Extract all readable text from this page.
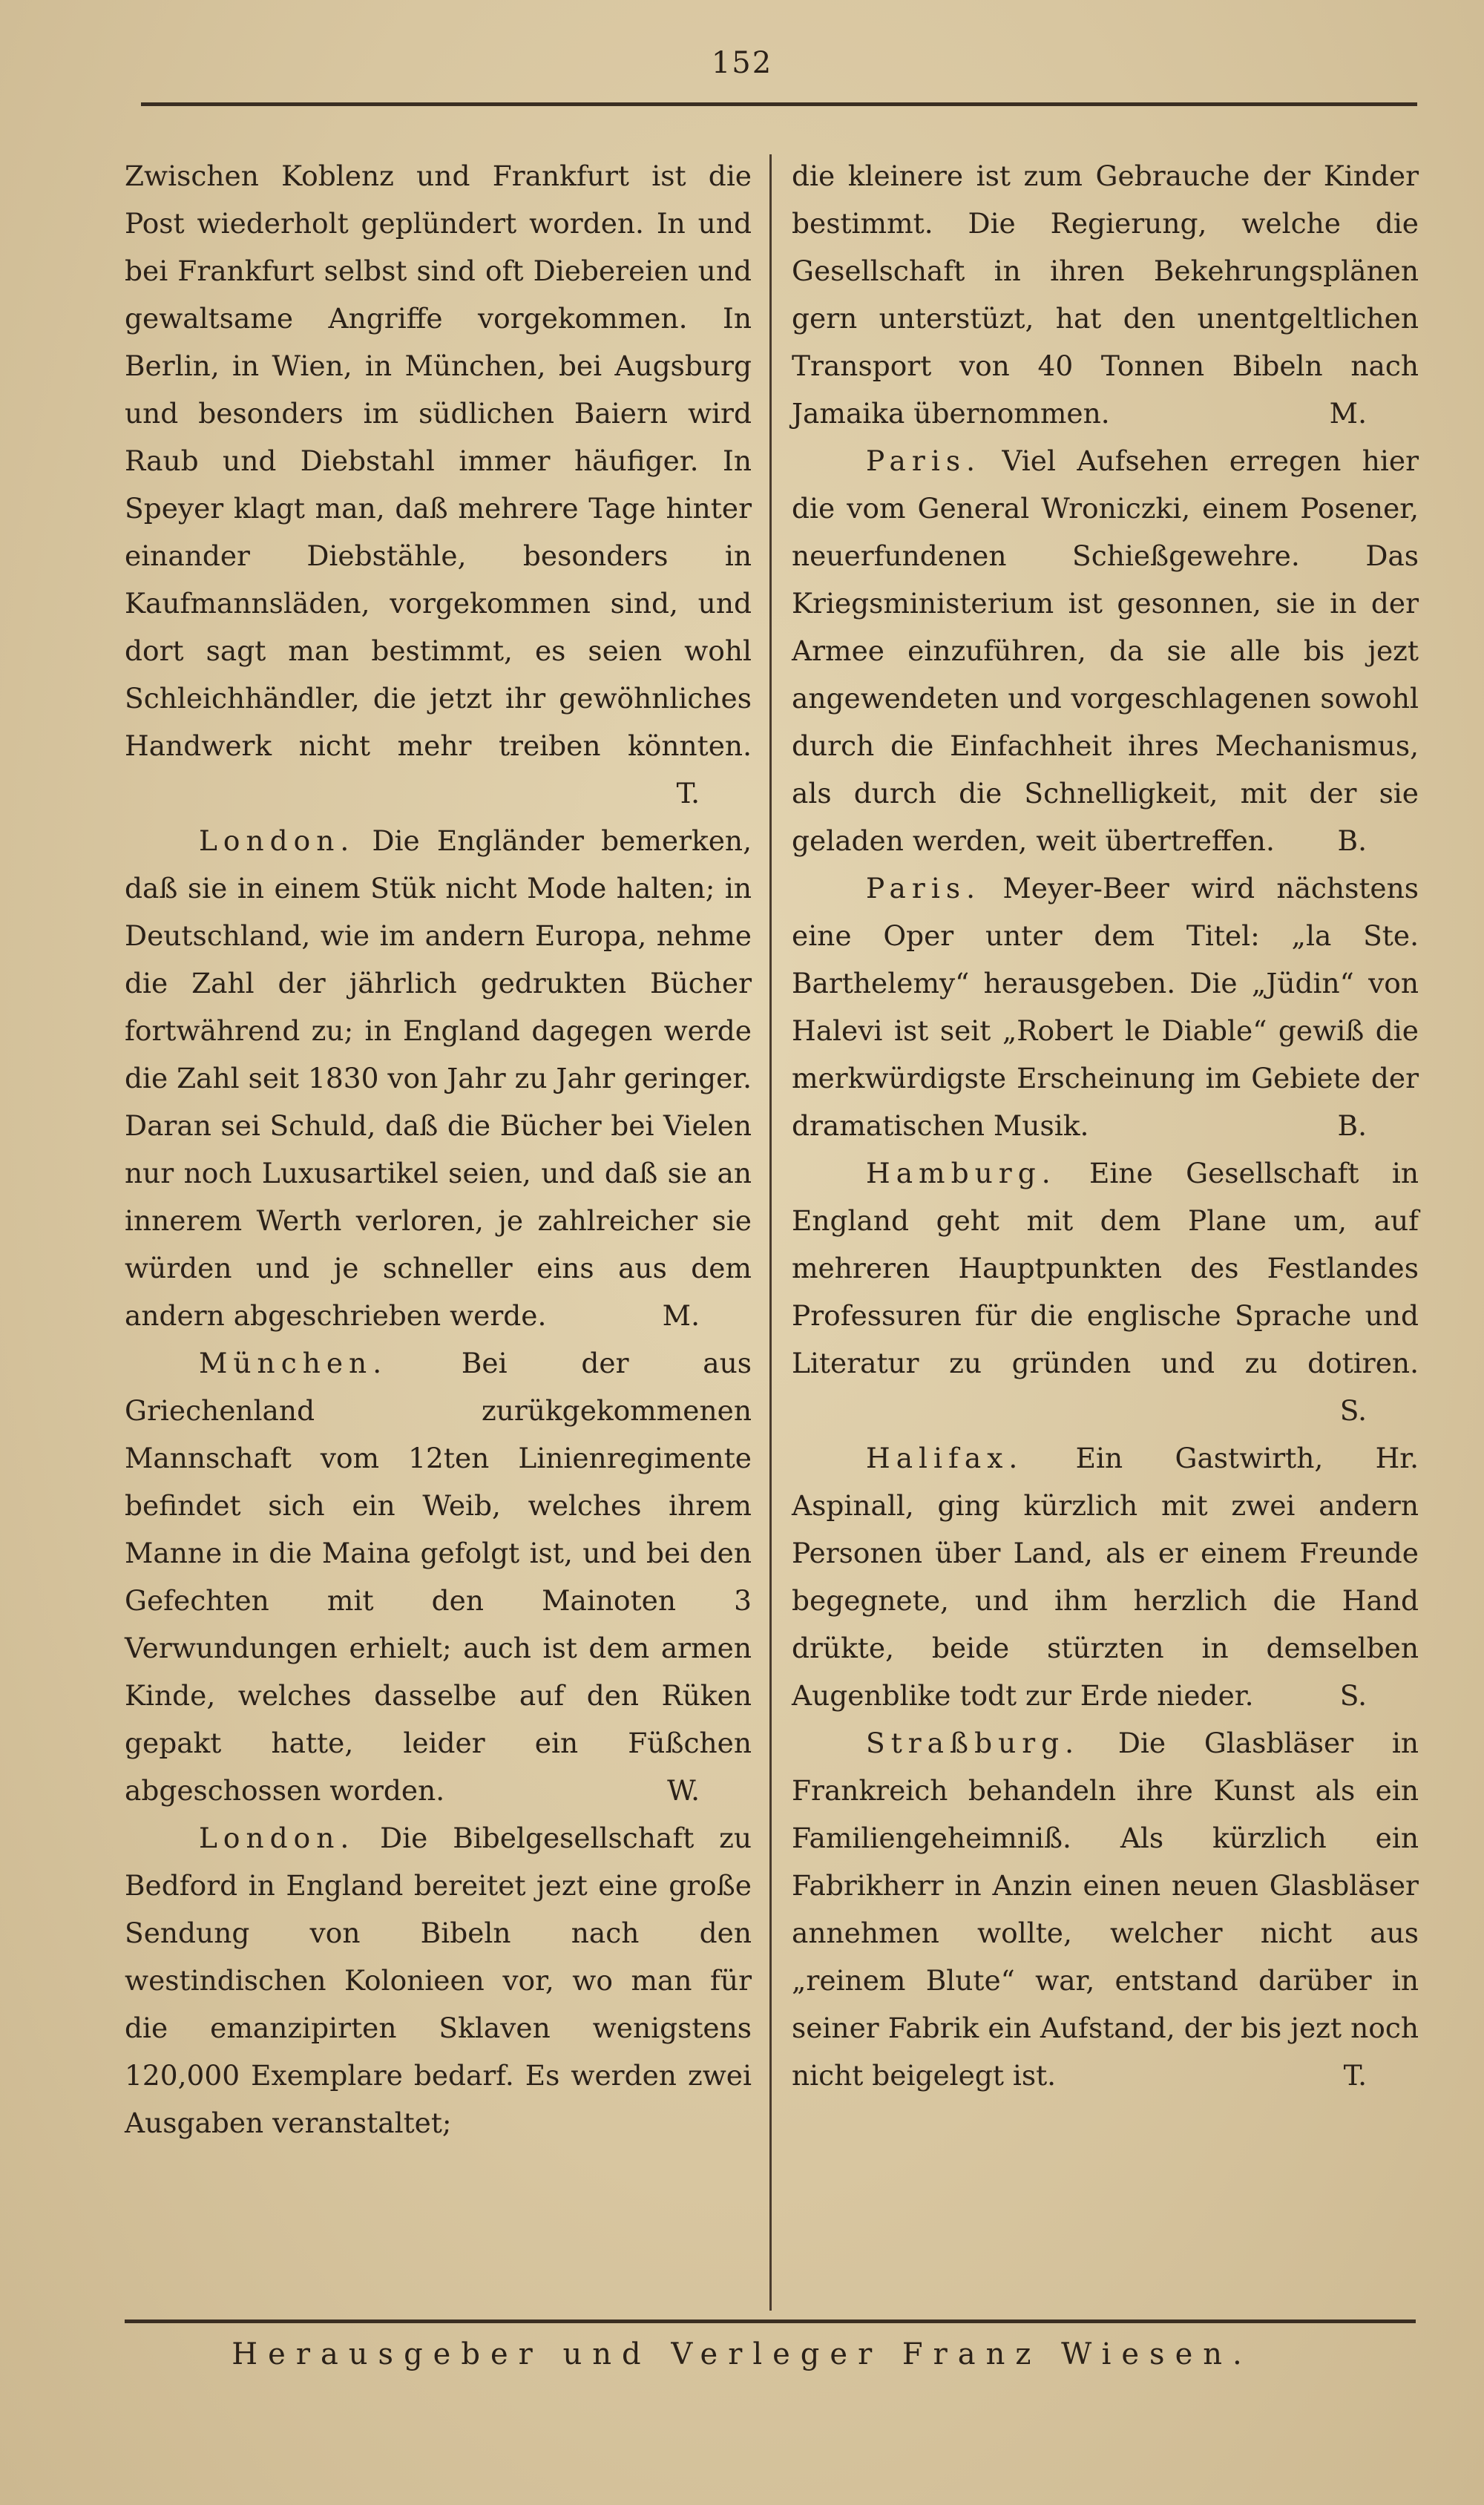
152

Zwischen Koblenz und Frankfurt ist die Post wiederholt geplündert worden. In und bei Frankfurt selbst sind oft Diebereien und gewaltsame Angriffe vorgekommen. In Berlin, in Wien, in München, bei Augsburg und besonders im südlichen Baiern wird Raub und Diebstahl immer häufiger. In Speyer klagt man, daß mehrere Tage hinter einander Diebstähle, besonders in Kaufmannsläden, vorgekommen sind, und dort sagt man bestimmt, es seien wohl Schleichhändler, die jetzt ihr gewöhnliches Handwerk nicht mehr treiben könnten.

T.

London. Die Engländer bemerken, daß sie in einem Stük nicht Mode halten; in Deutschland, wie im andern Europa, nehme die Zahl der jährlich gedrukten Bücher fortwährend zu; in England dagegen werde die Zahl seit 1830 von Jahr zu Jahr geringer. Daran sei Schuld, daß die Bücher bei Vielen nur noch Luxusartikel seien, und daß sie an innerem Werth verloren, je zahlreicher sie würden und je schneller eins aus dem andern abgeschrieben werde.	M.

München.	Bei der aus Griechenland zurükgekommenen Mannschaft vom 12ten Linienregimente befindet sich ein Weib, welches ihrem Manne in die Maina gefolgt ist, und bei den Gefechten mit den Mainoten 3 Verwundungen erhielt; auch ist dem armen Kinde, welches dasselbe auf den Rüken gepakt hatte, leider ein Füßchen abgeschossen worden.	W.

London. Die Bibelgesellschaft zu Bedford in England bereitet jezt eine große Sendung von Bibeln nach den westindischen Kolonieen vor, wo man für die emanzipirten Sklaven wenigstens 120,000 Exemplare bedarf. Es werden zwei Ausgaben veranstaltet;

die kleinere ist zum Gebrauche der Kinder bestimmt. Die Regierung, welche die Gesellschaft in ihren Bekehrungsplänen gern unterstüzt, hat den unentgeltlichen Transport von 40 Tonnen Bibeln nach Jamaika übernommen.	M.

Paris. Viel Aufsehen erregen hier die vom General Wroniczki, einem Posener, neuerfundenen Schießgewehre. Das Kriegsministerium ist gesonnen, sie in der Armee einzuführen, da sie alle bis jezt angewendeten und vorgeschlagenen sowohl durch die Einfachheit ihres Mechanismus, als durch die Schnelligkeit, mit der sie geladen werden, weit übertreffen.	B.

Paris. Meyer-Beer wird nächstens eine Oper unter dem Titel: „la Ste. Barthelemy“ herausgeben. Die „Jüdin“ von Halevi ist seit „Robert le Diable“ gewiß die merkwürdigste Erscheinung im Gebiete der dramatischen Musik.	B.

Hamburg. Eine Gesellschaft in England geht mit dem Plane um, auf mehreren Hauptpunkten des Festlandes Professuren für die englische Sprache und Literatur zu gründen und zu dotiren.

S.

Halifax. Ein Gastwirth, Hr. Aspinall, ging kürzlich mit zwei andern Personen über Land, als er einem Freunde begegnete, und ihm herzlich die Hand drükte, beide stürzten in demselben Augenblike todt zur Erde nieder.	S.

Straßburg. Die Glasbläser in Frankreich behandeln ihre Kunst als ein Familiengeheimniß. Als kürzlich ein Fabrikherr in Anzin einen neuen Glasbläser annehmen wollte, welcher nicht aus „reinem Blute“ war, entstand darüber in seiner Fabrik ein Aufstand, der bis jezt noch nicht beigelegt ist.	T.
Herausgeber und Verleger Franz Wiesen.
